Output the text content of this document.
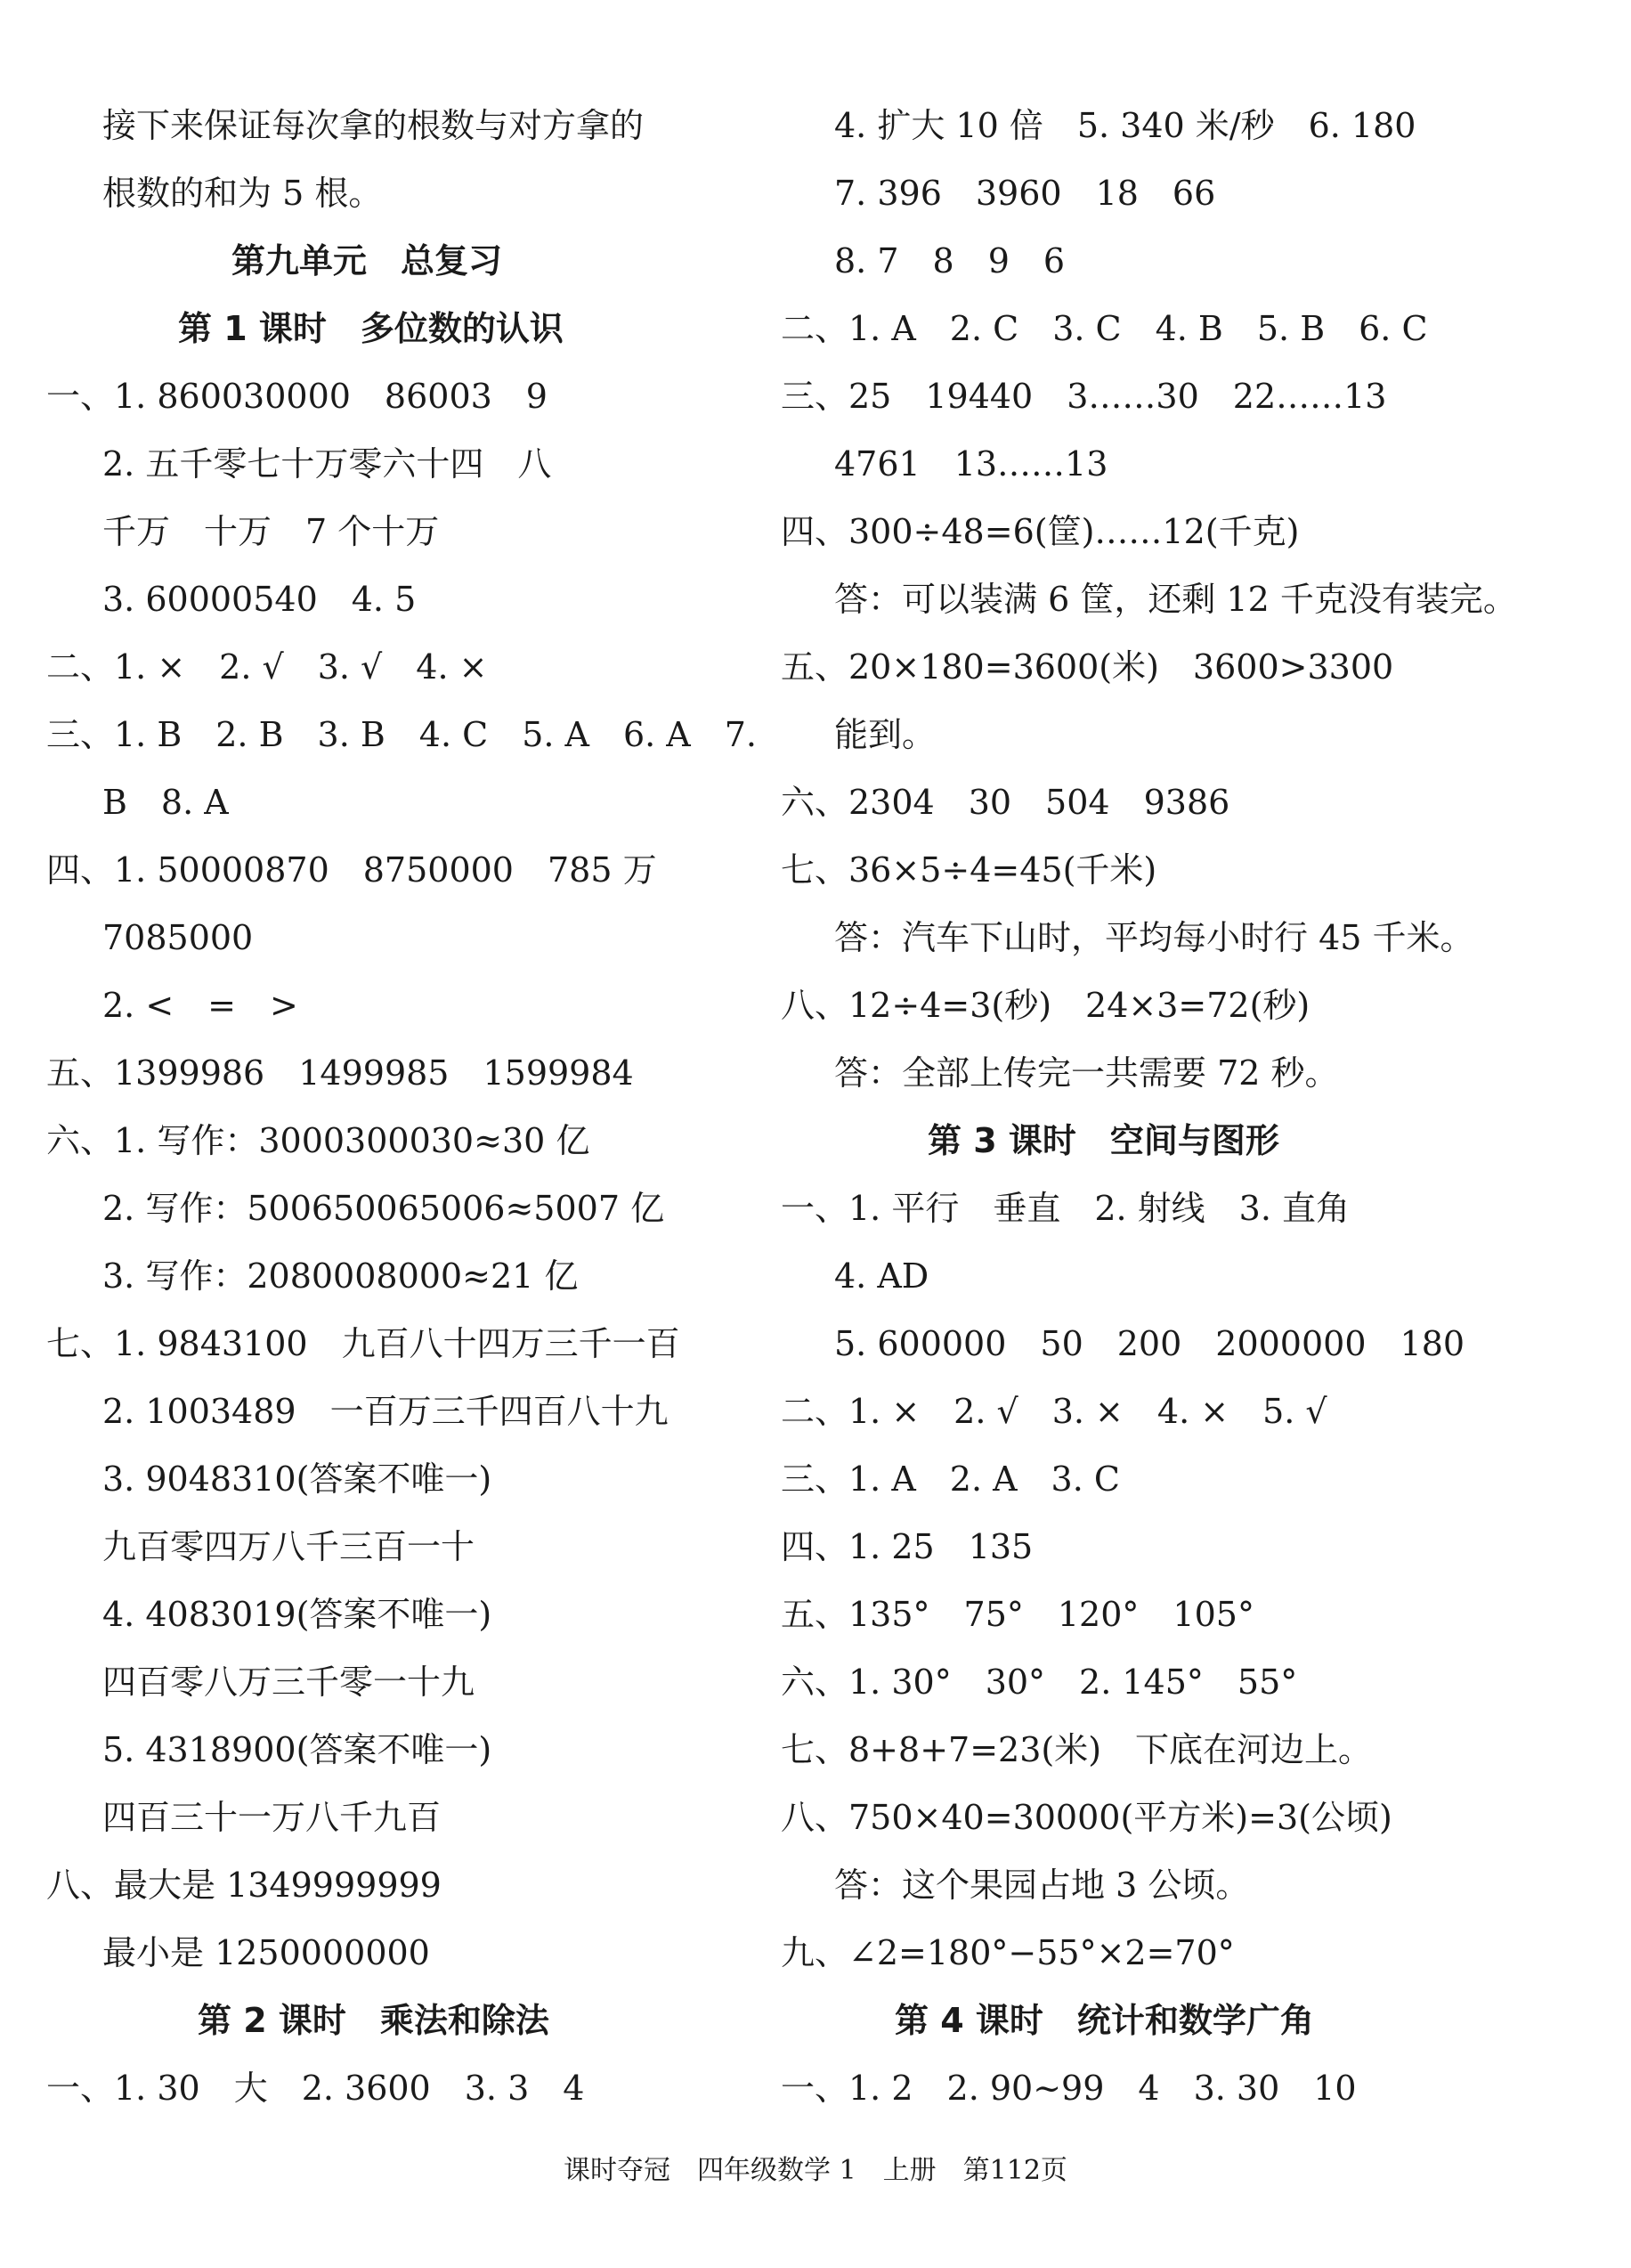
接下来保证每次拿的根数与对方拿的
根数的和为 5 根。
第九单元　总复习
第 1 课时　多位数的认识
一、1. 860030000　86003　9
2. 五千零七十万零六十四　八
千万　十万　7 个十万
3. 60000540　4. 5
二、1. ×　2. √　3. √　4. ×
三、1. B　2. B　3. B　4. C　5. A　6. A　7.
B　8. A
四、1. 50000870　8750000　785 万
7085000
2. <　=　>
五、1399986　1499985　1599984
六、1. 写作：3000300030≈30 亿
2. 写作：500650065006≈5007 亿
3. 写作：2080008000≈21 亿
七、1. 9843100　九百八十四万三千一百
2. 1003489　一百万三千四百八十九
3. 9048310(答案不唯一)
九百零四万八千三百一十
4. 4083019(答案不唯一)
四百零八万三千零一十九
5. 4318900(答案不唯一)
四百三十一万八千九百
八、最大是 1349999999
最小是 1250000000
第 2 课时　乘法和除法
一、1. 30　大　2. 3600　3. 3　4
4. 扩大 10 倍　5. 340 米/秒　6. 180
7. 396　3960　18　66
8. 7　8　9　6
二、1. A　2. C　3. C　4. B　5. B　6. C
三、25　19440　3……30　22……13
4761　13……13
四、300÷48=6(筐)……12(千克)
答：可以装满 6 筐，还剩 12 千克没有装完。
五、20×180=3600(米)　3600>3300
能到。
六、2304　30　504　9386
七、36×5÷4=45(千米)
答：汽车下山时，平均每小时行 45 千米。
八、12÷4=3(秒)　24×3=72(秒)
答：全部上传完一共需要 72 秒。
第 3 课时　空间与图形
一、1. 平行　垂直　2. 射线　3. 直角
4. AD
5. 600000　50　200　2000000　180
二、1. ×　2. √　3. ×　4. ×　5. √
三、1. A　2. A　3. C
四、1. 25　135
五、135°　75°　120°　105°
六、1. 30°　30°　2. 145°　55°
七、8+8+7=23(米)　下底在河边上。
八、750×40=30000(平方米)=3(公顷)
答：这个果园占地 3 公顷。
九、∠2=180°−55°×2=70°
第 4 课时　统计和数学广角
一、1. 2　2. 90~99　4　3. 30　10
课时夺冠　四年级数学 1　上册　第112页
